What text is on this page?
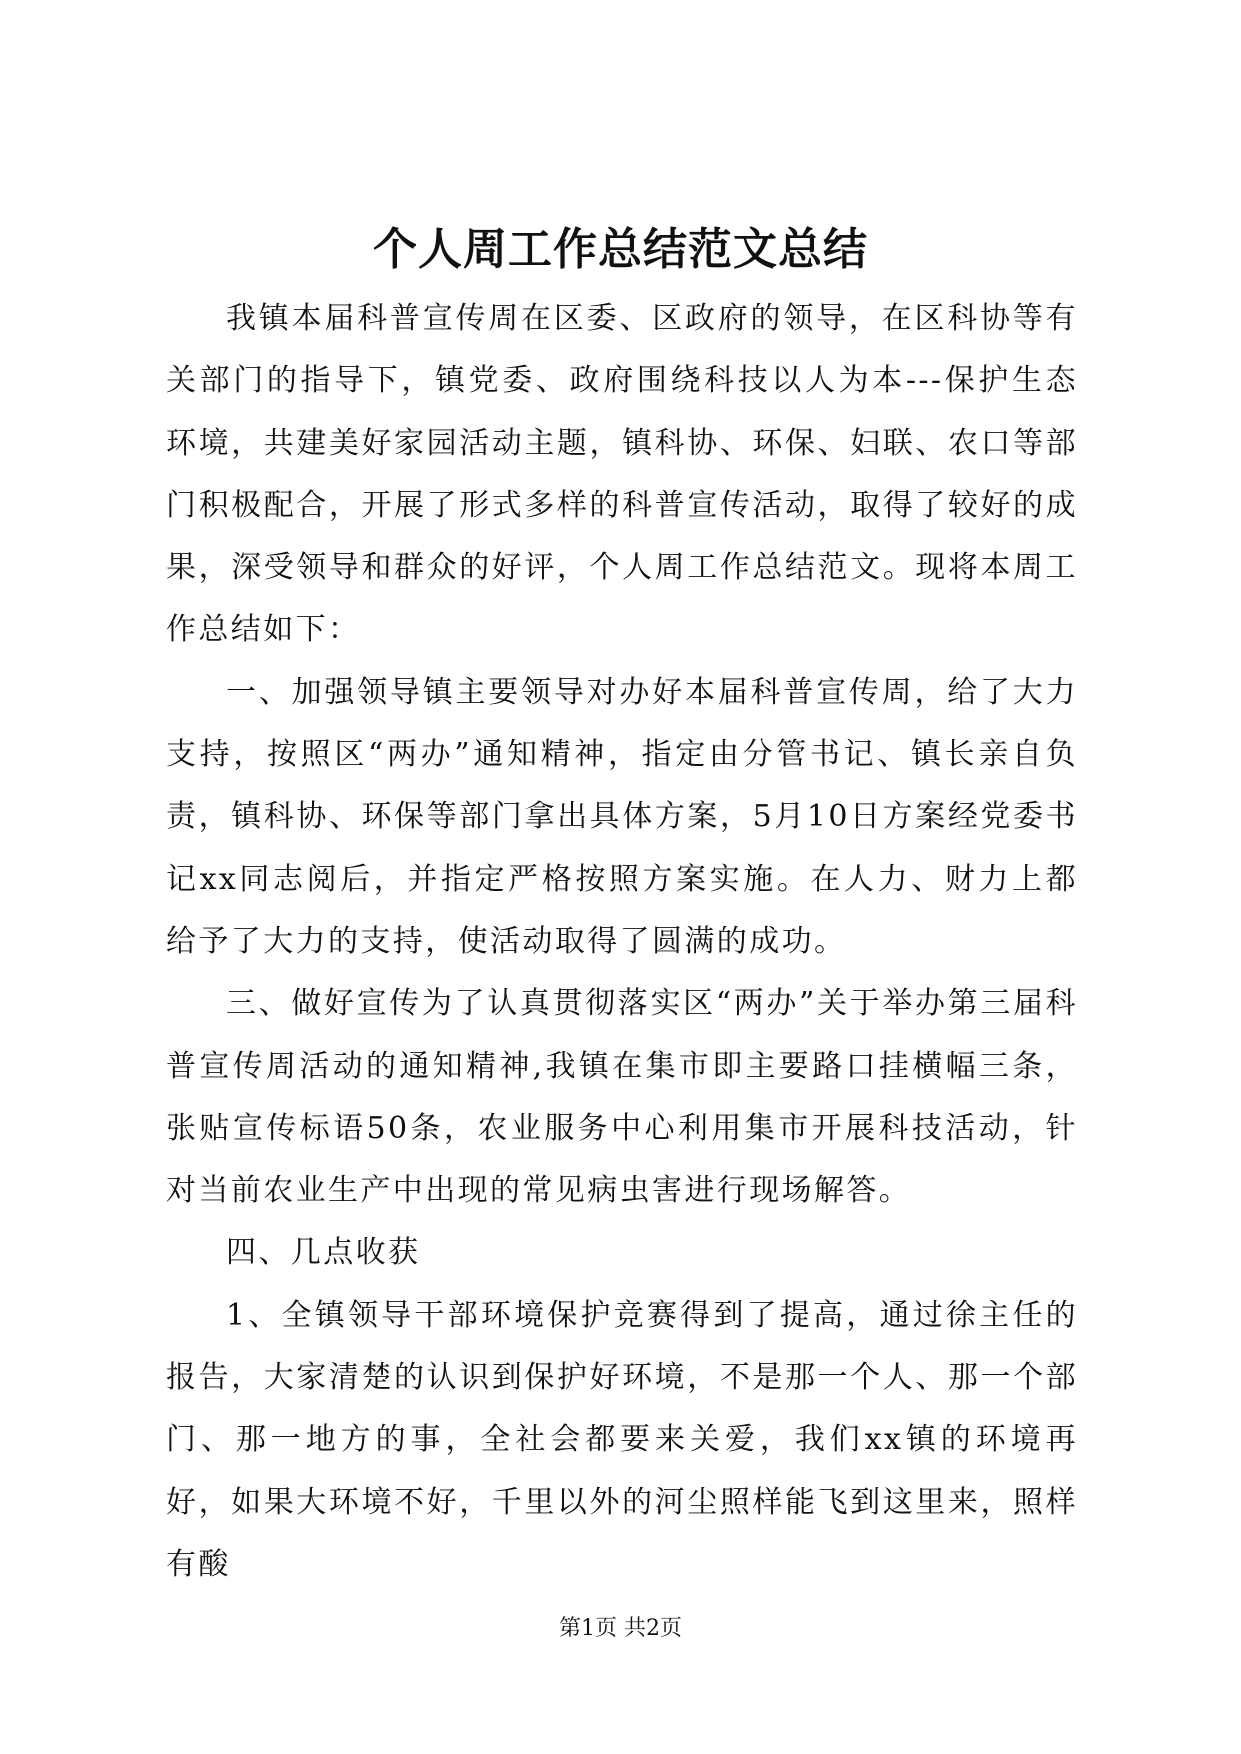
个人周工作总结范文总结

我镇本届科普宣传周在区委、区政府的领导，在区科协等有关部门的指导下，镇党委、政府围绕科技以人为本---保护生态环境，共建美好家园活动主题，镇科协、环保、妇联、农口等部门积极配合，开展了形式多样的科普宣传活动，取得了较好的成果，深受领导和群众的好评，个人周工作总结范文。现将本周工作总结如下：

一、加强领导镇主要领导对办好本届科普宣传周，给了大力支持，按照区“两办”通知精神，指定由分管书记、镇长亲自负责，镇科协、环保等部门拿出具体方案，5月10日方案经党委书记xx同志阅后，并指定严格按照方案实施。在人力、财力上都给予了大力的支持，使活动取得了圆满的成功。

三、做好宣传为了认真贯彻落实区“两办”关于举办第三届科普宣传周活动的通知精神,我镇在集市即主要路口挂横幅三条，张贴宣传标语50条，农业服务中心利用集市开展科技活动，针对当前农业生产中出现的常见病虫害进行现场解答。

四、几点收获

1、全镇领导干部环境保护竞赛得到了提高，通过徐主任的报告，大家清楚的认识到保护好环境，不是那一个人、那一个部门、那一地方的事，全社会都要来关爱，我们xx镇的环境再好，如果大环境不好，千里以外的河尘照样能飞到这里来，照样有酸

第1页 共2页
